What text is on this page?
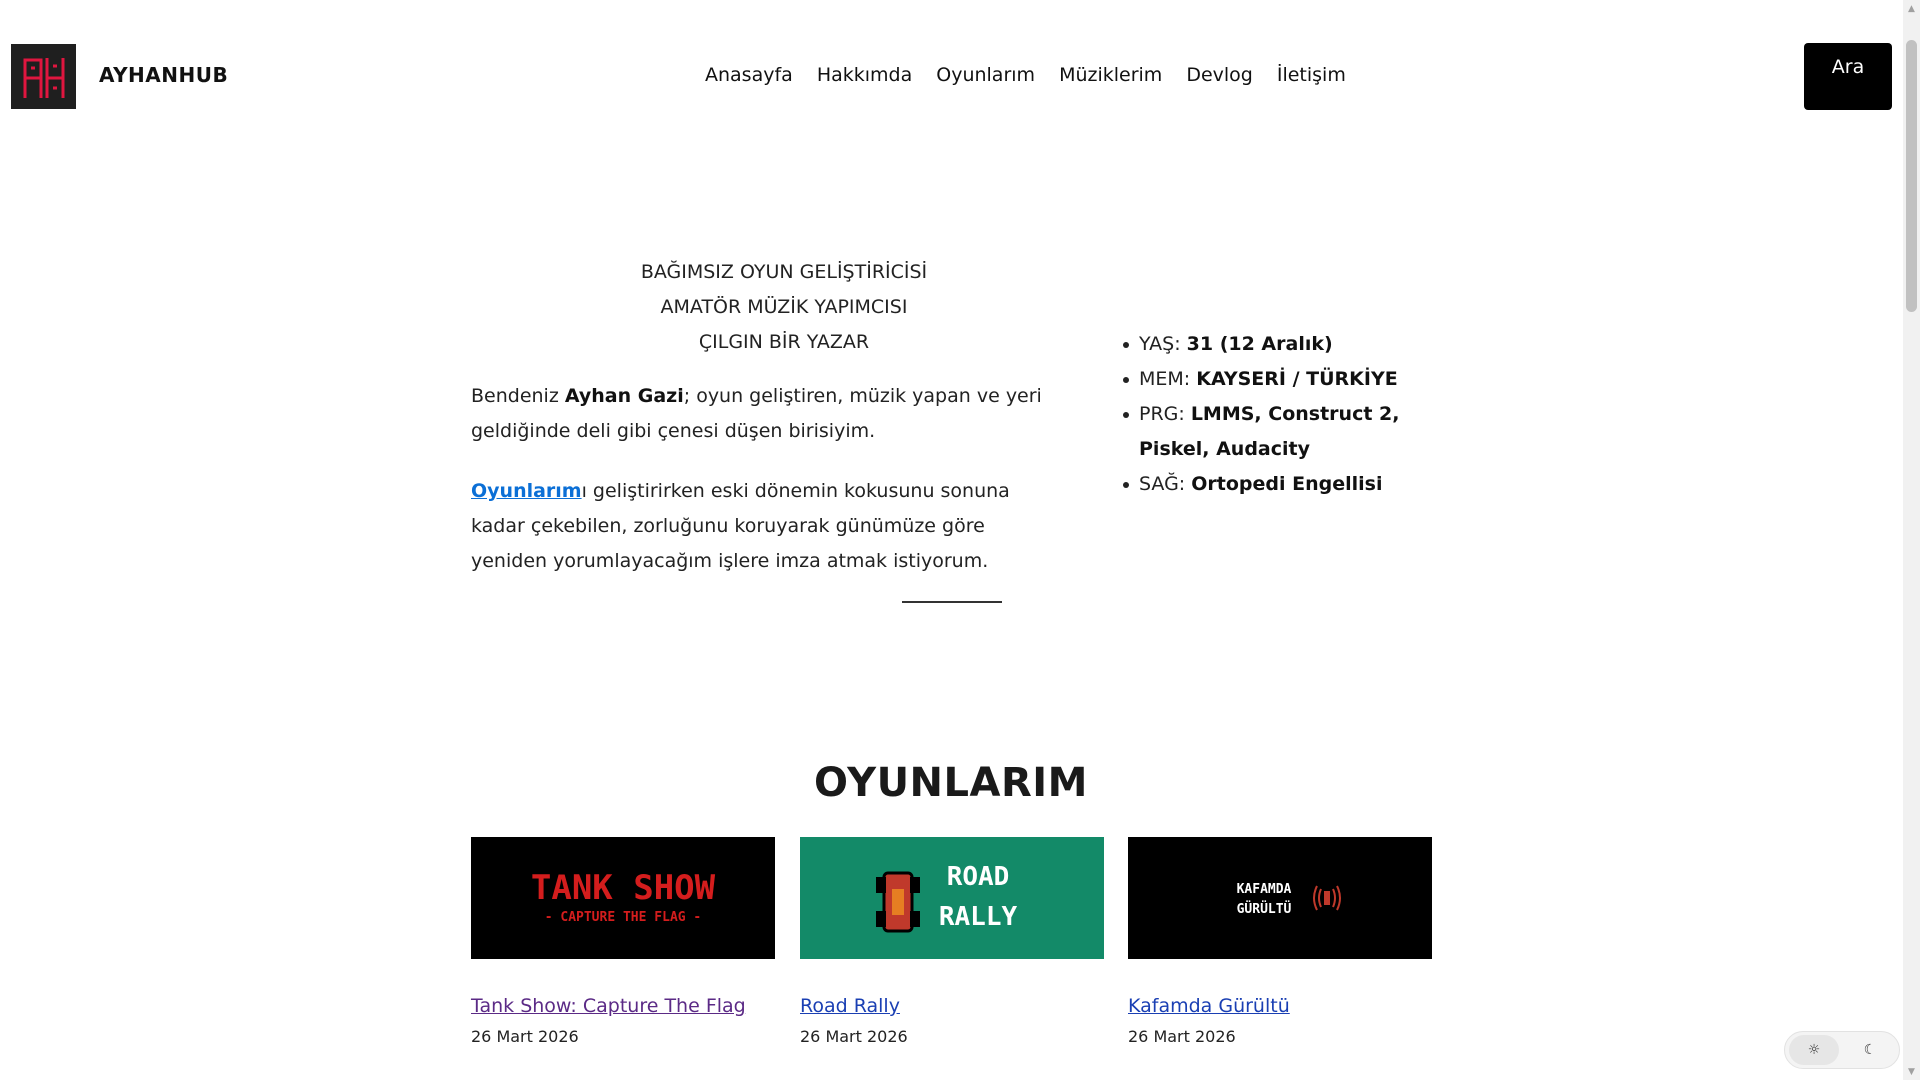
AYHANHUB	Anasayfa Hakkımda Oyunlarım Müziklerim Devlog İletişim	Ara
BAĞIMSIZ OYUN GELİŞTİRİCİSİ
AMATÖR MÜZİK YAPIMCISI
ÇILGIN BİR YAZAR

Bendeniz Ayhan Gazi; oyun geliştiren, müzik yapan ve yeri geldiğinde deli gibi çenesi düşen birisiyim.

Oyunlarımı geliştirirken eski dönemin kokusunu sonuna kadar çekebilen, zorluğunu koruyarak günümüze göre yeniden yorumlayacağım işlere imza atmak istiyorum.

YAŞ: 31 (12 Aralık)
MEM: KAYSERİ / TÜRKİYE
PRG: LMMS, Construct 2, Piskel, Audacity
SAĞ: Ortopedi Engellisi
OYUNLARIM
TANK SHOW
- CAPTURE THE FLAG -
Tank Show: Capture The Flag
26 Mart 2026
ROAD
RALLY
Road Rally
26 Mart 2026
KAFAMDA
GÜRÜLTÜ
Kafamda Gürültü
26 Mart 2026
☼	☾
▲
▼
